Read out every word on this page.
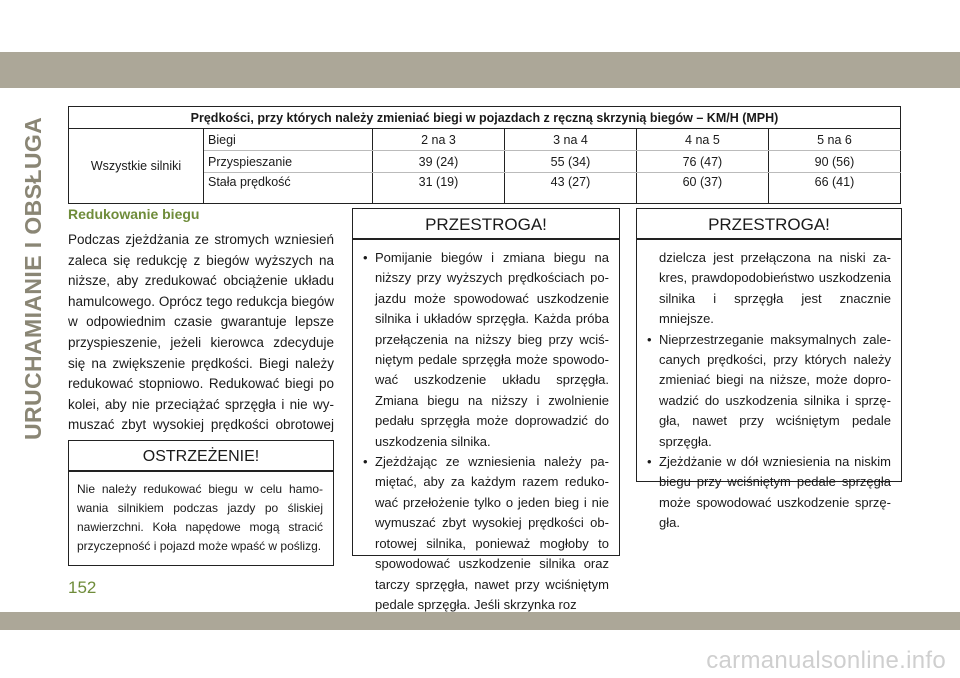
URUCHAMIANIE I OBSŁUGA	Prędkości, przy których należy zmieniać biegi w pojazdach z ręczną skrzynią biegów – KM/H (MPH)					
Wszystkie silniki	Biegi	2 na 3	3 na 4	4 na 5	5 na 6
	Przyspieszanie	39 (24)	55 (34)	76 (47)	90 (56)
	Stała prędkość	31 (19)	43 (27)	60 (37)	66 (41)
Redukowanie biegu
Podczas zjeżdżania ze stromych wzniesień zaleca się redukcję z biegów wyższych na niższe, aby zredukować obciążenie układu hamulcowego. Oprócz tego redukcja biegów w odpowiednim czasie gwarantuje lepsze przyspieszenie, jeżeli kierowca zdecyduje się na zwiększenie prędkości. Biegi należy redukować stopniowo. Redukować biegi po kolei, aby nie przeciążać sprzęgła i nie wymuszać zbyt wysokiej prędkości obrotowej
OSTRZEŻENIE!
Nie należy redukować biegu w celu hamowania silnikiem podczas jazdy po śliskiej nawierzchni. Koła napędowe mogą stracić przyczepność i pojazd może wpaść w poślizg.
PRZESTROGA!
• Pomijanie biegów i zmiana biegu na niższy przy wyższych prędkościach pojazdu może spowodować uszkodzenie silnika i układów sprzęgła. Każda próba przełączenia na niższy bieg przy wciśniętym pedale sprzęgła może spowodować uszkodzenie układu sprzęgła. Zmiana biegu na niższy i zwolnienie pedału sprzęgła może doprowadzić do uszkodzenia silnika.
• Zjeżdżając ze wzniesienia należy pamiętać, aby za każdym razem redukować przełożenie tylko o jeden bieg i nie wymuszać zbyt wysokiej prędkości obrotowej silnika, ponieważ mogłoby to spowodować uszkodzenie silnika oraz tarczy sprzęgła, nawet przy wciśniętym pedale sprzęgła. Jeśli skrzynka roz
PRZESTROGA!
dzielcza jest przełączona na niski zakres, prawdopodobieństwo uszkodzenia silnika i sprzęgła jest znacznie mniejsze.
• Nieprzestrzeganie maksymalnych zalecanych prędkości, przy których należy zmieniać biegi na niższe, może doprowadzić do uszkodzenia silnika i sprzęgła, nawet przy wciśniętym pedale sprzęgła.
• Zjeżdżanie w dół wzniesienia na niskim biegu przy wciśniętym pedale sprzęgła może spowodować uszkodzenie sprzęgła.
152
carmanualsonline.info
